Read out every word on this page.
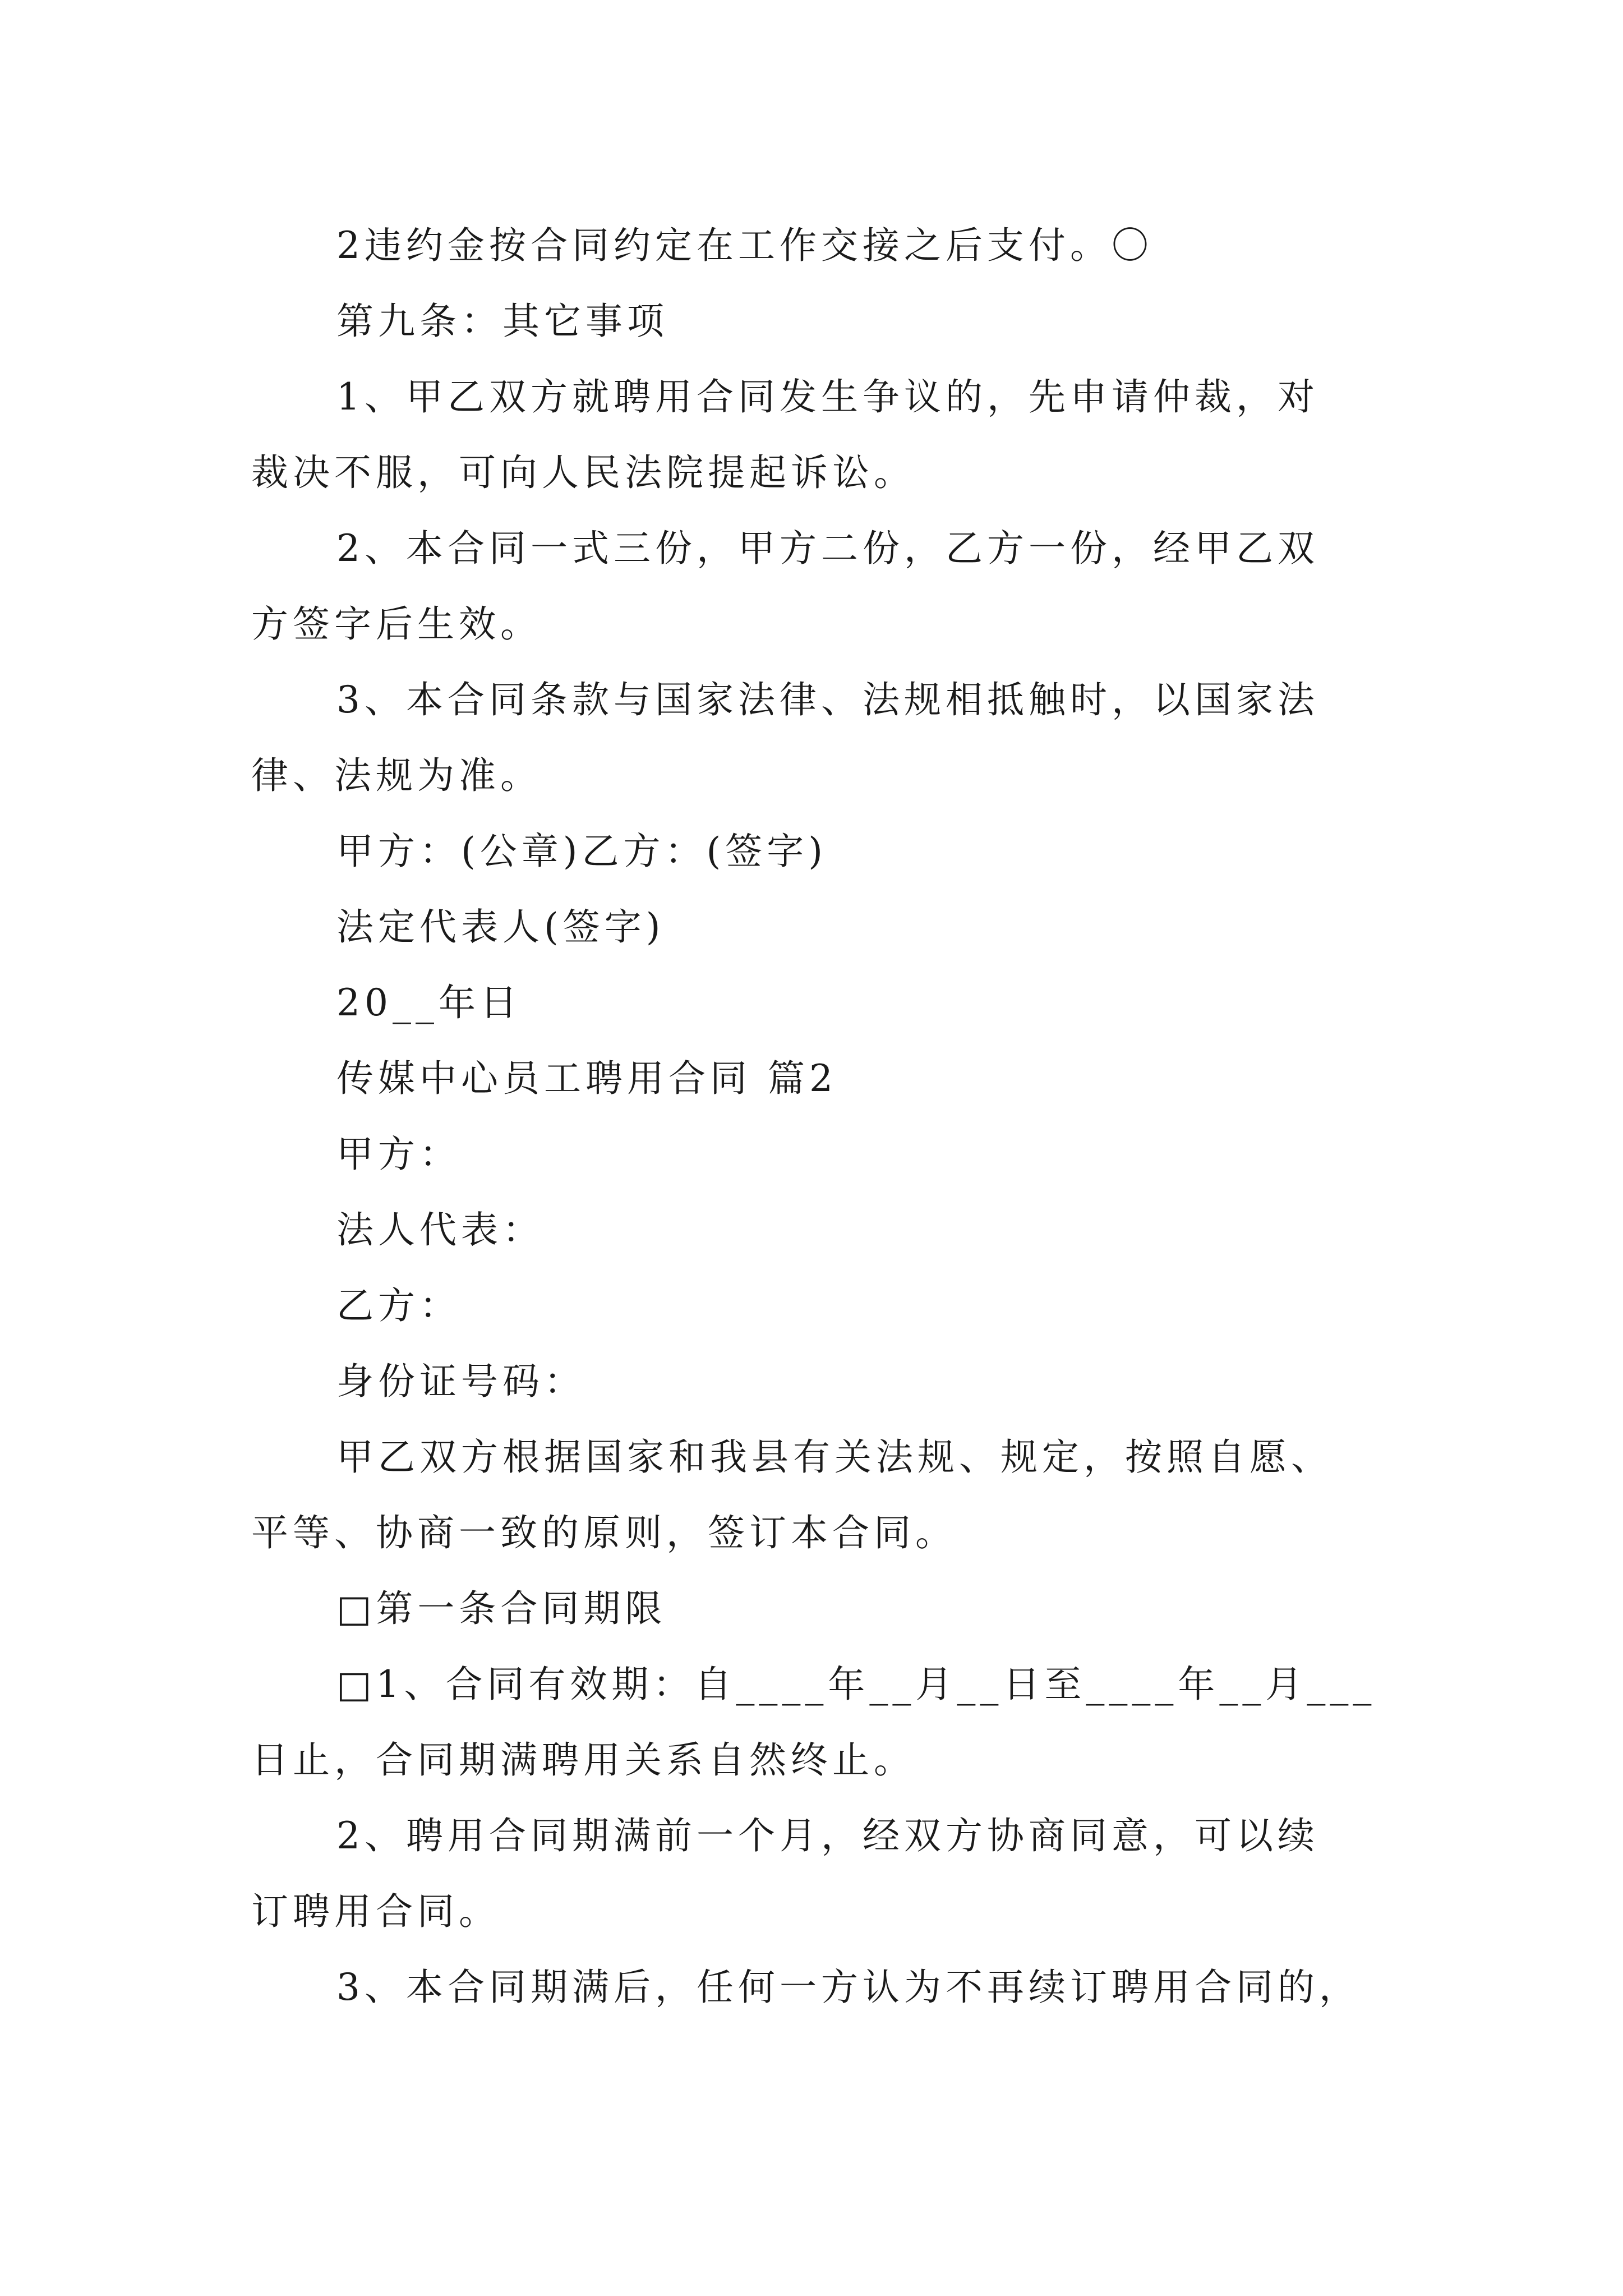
2违约金按合同约定在工作交接之后支付。〇
第九条：其它事项
1、甲乙双方就聘用合同发生争议的，先申请仲裁，对
裁决不服，可向人民法院提起诉讼。
2、本合同一式三份，甲方二份，乙方一份，经甲乙双
方签字后生效。
3、本合同条款与国家法律、法规相抵触时，以国家法
律、法规为准。
甲方：(公章)乙方：(签字)
法定代表人(签字)
20__年日
传媒中心员工聘用合同 篇2
甲方：
法人代表：
乙方：
身份证号码：
甲乙双方根据国家和我县有关法规、规定，按照自愿、
平等、协商一致的原则，签订本合同。
□第一条合同期限
□1、合同有效期：自____年__月__日至____年__月___
日止，合同期满聘用关系自然终止。
2、聘用合同期满前一个月，经双方协商同意，可以续
订聘用合同。
3、本合同期满后，任何一方认为不再续订聘用合同的，
